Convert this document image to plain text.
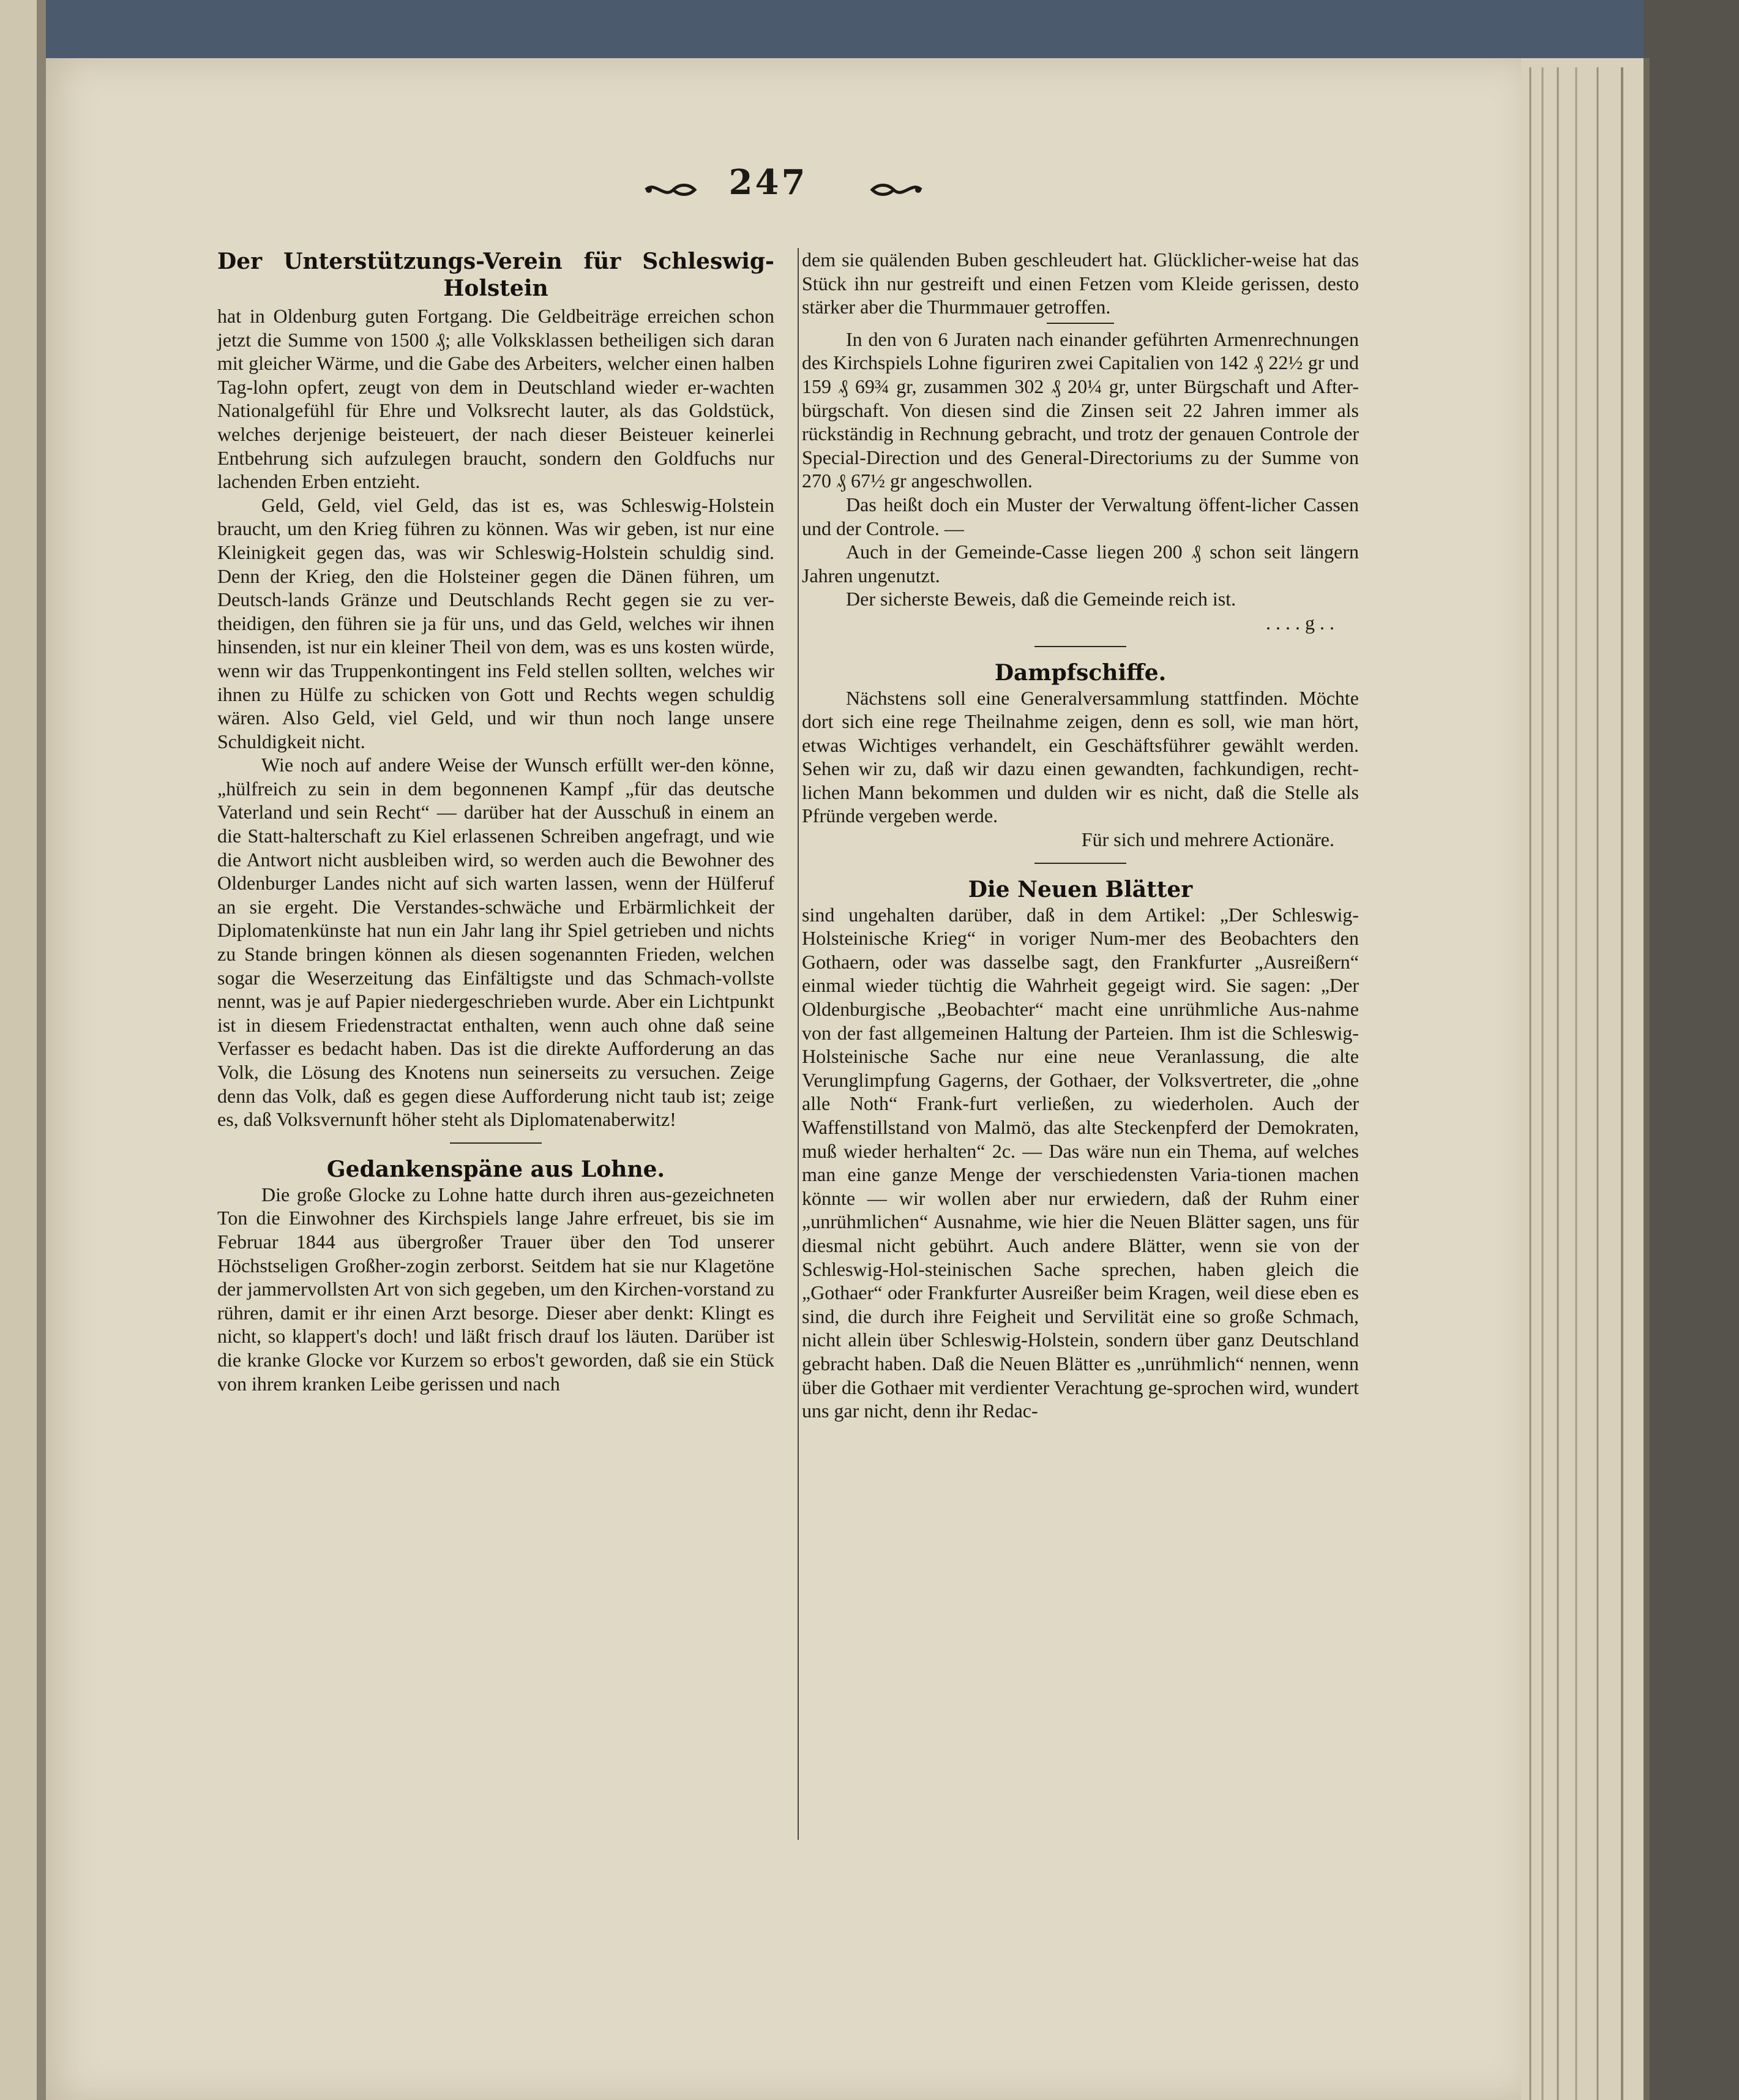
247
Der Unterstützungs-Verein für Schleswig-
Holstein

hat in Oldenburg guten Fortgang. Die Geldbeiträge erreichen schon jetzt die Summe von 1500 ₰; alle Volksklassen betheiligen sich daran mit gleicher Wärme, und die Gabe des Arbeiters, welcher einen halben Tag-lohn opfert, zeugt von dem in Deutschland wieder er-wachten Nationalgefühl für Ehre und Volksrecht lauter, als das Goldstück, welches derjenige beisteuert, der nach dieser Beisteuer keinerlei Entbehrung sich aufzulegen braucht, sondern den Goldfuchs nur lachenden Erben entzieht.

Geld, Geld, viel Geld, das ist es, was Schleswig-Holstein braucht, um den Krieg führen zu können. Was wir geben, ist nur eine Kleinigkeit gegen das, was wir Schleswig-Holstein schuldig sind. Denn der Krieg, den die Holsteiner gegen die Dänen führen, um Deutsch-lands Gränze und Deutschlands Recht gegen sie zu ver-theidigen, den führen sie ja für uns, und das Geld, welches wir ihnen hinsenden, ist nur ein kleiner Theil von dem, was es uns kosten würde, wenn wir das Truppenkontingent ins Feld stellen sollten, welches wir ihnen zu Hülfe zu schicken von Gott und Rechts wegen schuldig wären. Also Geld, viel Geld, und wir thun noch lange unsere Schuldigkeit nicht.

Wie noch auf andere Weise der Wunsch erfüllt wer-den könne, „hülfreich zu sein in dem begonnenen Kampf „für das deutsche Vaterland und sein Recht“ — darüber hat der Ausschuß in einem an die Statt-halterschaft zu Kiel erlassenen Schreiben angefragt, und wie die Antwort nicht ausbleiben wird, so werden auch die Bewohner des Oldenburger Landes nicht auf sich warten lassen, wenn der Hülferuf an sie ergeht. Die Verstandes-schwäche und Erbärmlichkeit der Diplomatenkünste hat nun ein Jahr lang ihr Spiel getrieben und nichts zu Stande bringen können als diesen sogenannten Frieden, welchen sogar die Weserzeitung das Einfältigste und das Schmach-vollste nennt, was je auf Papier niedergeschrieben wurde. Aber ein Lichtpunkt ist in diesem Friedenstractat enthalten, wenn auch ohne daß seine Verfasser es bedacht haben. Das ist die direkte Aufforderung an das Volk, die Lösung des Knotens nun seinerseits zu versuchen. Zeige denn das Volk, daß es gegen diese Aufforderung nicht taub ist; zeige es, daß Volksvernunft höher steht als Diplomatenaberwitz!

Gedankenspäne aus Lohne.

Die große Glocke zu Lohne hatte durch ihren aus-gezeichneten Ton die Einwohner des Kirchspiels lange Jahre erfreuet, bis sie im Februar 1844 aus übergroßer Trauer über den Tod unserer Höchstseligen Großher-zogin zerborst. Seitdem hat sie nur Klagetöne der jammervollsten Art von sich gegeben, um den Kirchen-vorstand zu rühren, damit er ihr einen Arzt besorge. Dieser aber denkt: Klingt es nicht, so klappert's doch! und läßt frisch drauf los läuten. Darüber ist die kranke Glocke vor Kurzem so erbos't geworden, daß sie ein Stück von ihrem kranken Leibe gerissen und nach

dem sie quälenden Buben geschleudert hat. Glücklicher-weise hat das Stück ihn nur gestreift und einen Fetzen vom Kleide gerissen, desto stärker aber die Thurmmauer getroffen.

In den von 6 Juraten nach einander geführten Armenrechnungen des Kirchspiels Lohne figuriren zwei Capitalien von 142 ₰ 22½ gr und 159 ₰ 69¾ gr, zusammen 302 ₰ 20¼ gr, unter Bürgschaft und After-bürgschaft. Von diesen sind die Zinsen seit 22 Jahren immer als rückständig in Rechnung gebracht, und trotz der genauen Controle der Special-Direction und des General-Directoriums zu der Summe von 270 ₰ 67½ gr angeschwollen.

Das heißt doch ein Muster der Verwaltung öffent-licher Cassen und der Controle. —

Auch in der Gemeinde-Casse liegen 200 ₰ schon seit längern Jahren ungenutzt.

Der sicherste Beweis, daß die Gemeinde reich ist.

. . . . g . .

Dampfschiffe.

Nächstens soll eine Generalversammlung stattfinden. Möchte dort sich eine rege Theilnahme zeigen, denn es soll, wie man hört, etwas Wichtiges verhandelt, ein Geschäftsführer gewählt werden. Sehen wir zu, daß wir dazu einen gewandten, fachkundigen, recht-lichen Mann bekommen und dulden wir es nicht, daß die Stelle als Pfründe vergeben werde.

Für sich und mehrere Actionäre.

Die Neuen Blätter

sind ungehalten darüber, daß in dem Artikel: „Der Schleswig-Holsteinische Krieg“ in voriger Num-mer des Beobachters den Gothaern, oder was dasselbe sagt, den Frankfurter „Ausreißern“ einmal wieder tüchtig die Wahrheit gegeigt wird. Sie sagen: „Der Oldenburgische „Beobachter“ macht eine unrühmliche Aus-nahme von der fast allgemeinen Haltung der Parteien. Ihm ist die Schleswig-Holsteinische Sache nur eine neue Veranlassung, die alte Verunglimpfung Gagerns, der Gothaer, der Volksvertreter, die „ohne alle Noth“ Frank-furt verließen, zu wiederholen. Auch der Waffenstillstand von Malmö, das alte Steckenpferd der Demokraten, muß wieder herhalten“ 2c. — Das wäre nun ein Thema, auf welches man eine ganze Menge der verschiedensten Varia-tionen machen könnte — wir wollen aber nur erwiedern, daß der Ruhm einer „unrühmlichen“ Ausnahme, wie hier die Neuen Blätter sagen, uns für diesmal nicht gebührt. Auch andere Blätter, wenn sie von der Schleswig-Hol-steinischen Sache sprechen, haben gleich die „Gothaer“ oder Frankfurter Ausreißer beim Kragen, weil diese eben es sind, die durch ihre Feigheit und Servilität eine so große Schmach, nicht allein über Schleswig-Holstein, sondern über ganz Deutschland gebracht haben. Daß die Neuen Blätter es „unrühmlich“ nennen, wenn über die Gothaer mit verdienter Verachtung ge-sprochen wird, wundert uns gar nicht, denn ihr Redac-
